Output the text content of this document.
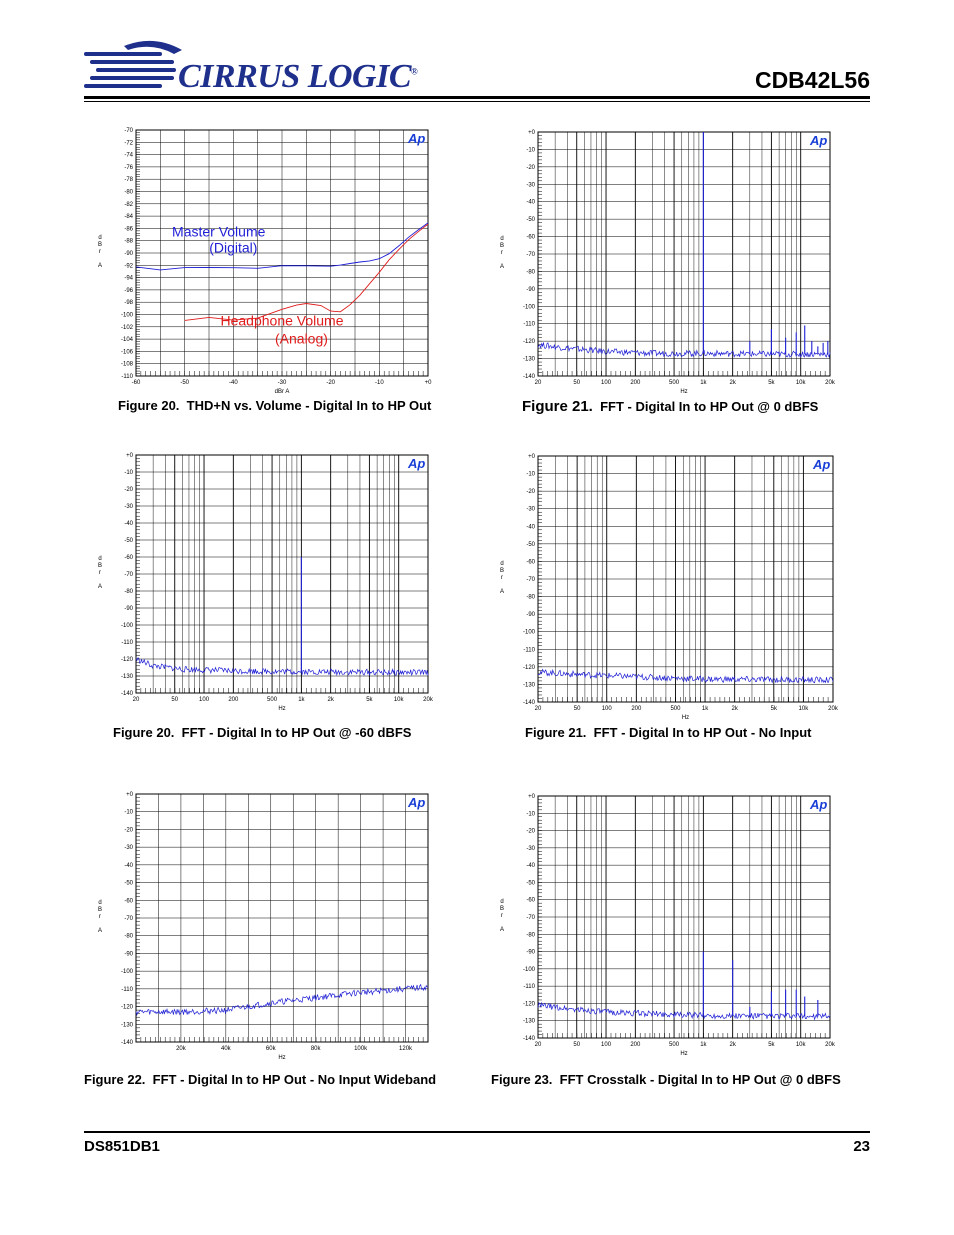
CIRRUS LOGIC®	CDB42L56
-70
-72
-74
-76
-78
-80
-82
-84
-86
-88
-90
-92
-94
-96
-98
-100
-102
-104
-106
-108
-110
-60	-50	-40	-30	-20	-10	+0
dBr A
d
B
r
A
Ap
Master Volume
(Digital)
Headphone Volume
(Analog)
+0
-10
-20
-30
-40
-50
-60
-70
-80
-90
-100
-110
-120
-130
-140
20	50	100	200	500	1k	2k	5k	10k	20k
Hz
d
B
r
A
Ap
+0
-10
-20
-30
-40
-50
-60
-70
-80
-90
-100
-110
-120
-130
-140
20	50	100	200	500	1k	2k	5k	10k	20k
Hz
d
B
r
A
Ap	+0
-10
-20
-30
-40
-50
-60
-70
-80
-90
-100
-110
-120
-130
-140
20	50	100	200	500	1k	2k	5k	10k	20k
Hz
d
B
r
A
Ap
+0
-10
-20
-30
-40
-50
-60
-70
-80
-90
-100
-110
-120
-130
-140
20k	40k	60k	80k	100k	120k
Hz
d
B
r
A
Ap	+0
-10
-20
-30
-40
-50
-60
-70
-80
-90
-100
-110
-120
-130
-140
20	50	100	200	500	1k	2k	5k	10k	20k
Hz
d
B
r
A
Ap
Figure 20. THD+N vs. Volume - Digital In to HP Out	Figure 21. FFT - Digital In to HP Out @ 0 dBFS
Figure 20. FFT - Digital In to HP Out @ -60 dBFS	Figure 21. FFT - Digital In to HP Out - No Input
Figure 22. FFT - Digital In to HP Out - No Input Wideband	Figure 23. FFT Crosstalk - Digital In to HP Out @ 0 dBFS
DS851DB1	23
